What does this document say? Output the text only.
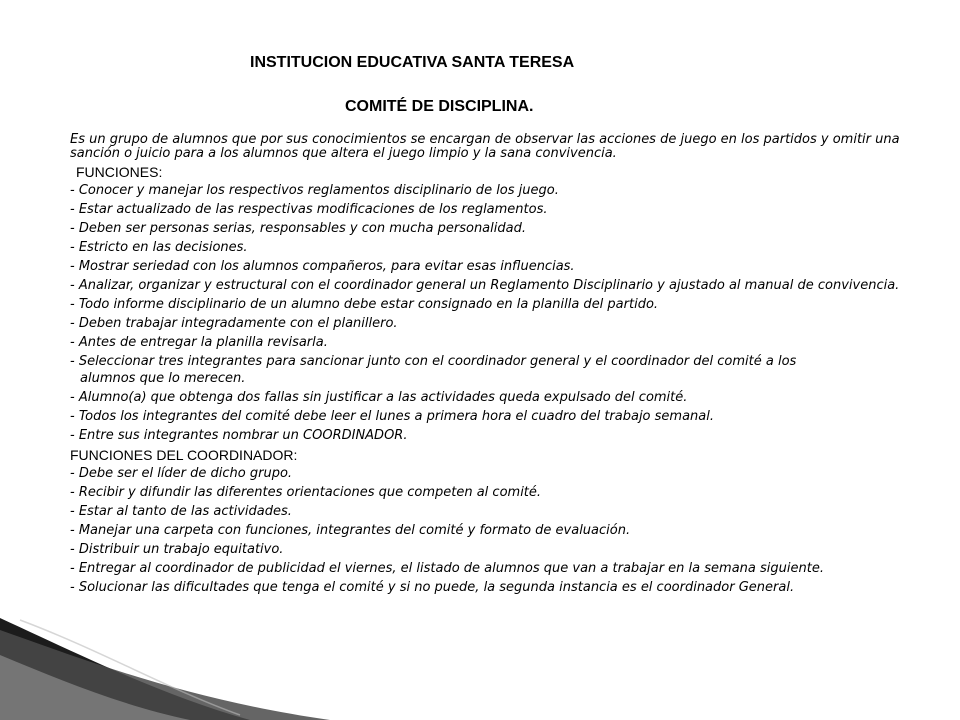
INSTITUCION EDUCATIVA SANTA TERESA
COMITÉ DE DISCIPLINA.
Es un grupo de alumnos que por sus conocimientos se encargan de observar las acciones de juego en los partidos y omitir una sanción o juicio para a los alumnos que altera el juego limpio y la sana convivencia.
FUNCIONES:
- Conocer y manejar los respectivos reglamentos disciplinario de los juego.
- Estar actualizado de las respectivas modificaciones de los reglamentos.
- Deben ser personas serias, responsables y con mucha personalidad.
- Estricto en las decisiones.
- Mostrar seriedad con los alumnos compañeros, para evitar esas influencias.
- Analizar, organizar y estructural con el coordinador general un Reglamento Disciplinario y ajustado al manual de convivencia.
- Todo informe disciplinario de un alumno debe estar consignado en la planilla del partido.
- Deben trabajar integradamente con el planillero.
- Antes de entregar la planilla revisarla.
- Seleccionar tres integrantes para sancionar junto con el coordinador general y el coordinador del comité a los
alumnos que lo merecen.
- Alumno(a) que obtenga dos fallas sin justificar a las actividades queda expulsado del comité.
- Todos los integrantes del comité debe leer el lunes a primera hora el cuadro del trabajo semanal.
- Entre sus integrantes nombrar un COORDINADOR.
FUNCIONES DEL COORDINADOR:
- Debe ser el líder de dicho grupo.
- Recibir y difundir las diferentes orientaciones que competen al comité.
- Estar al tanto de las actividades.
- Manejar una carpeta con funciones, integrantes del comité y formato de evaluación.
- Distribuir un trabajo equitativo.
- Entregar al coordinador de publicidad el viernes, el listado de alumnos que van a trabajar en la semana siguiente.
- Solucionar las dificultades que tenga el comité y si no puede, la segunda instancia es el coordinador General.
